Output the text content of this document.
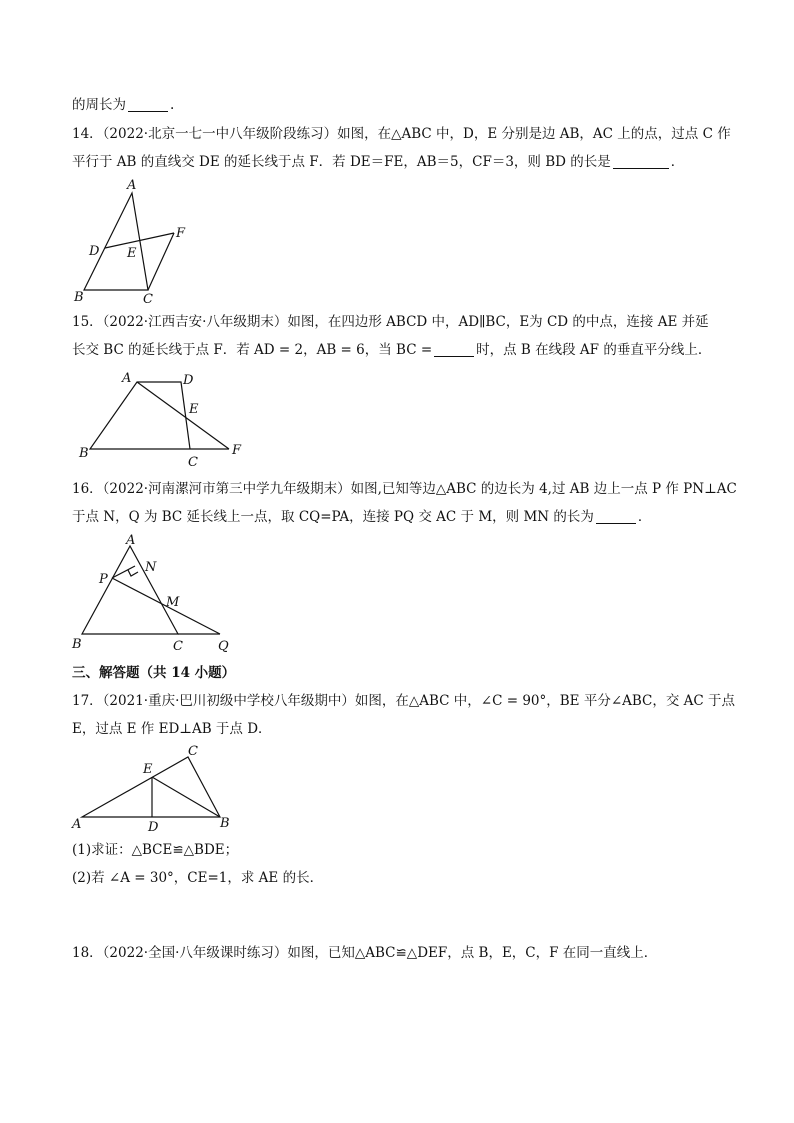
的周长为	.
14．（2022·北京一七一中八年级阶段练习）如图，在△ABC 中，D，E 分别是边 AB，AC 上的点，过点 C 作
平行于 AB 的直线交 DE 的延长线于点 F．若 DE＝FE，AB＝5，CF＝3，则 BD 的长是	．
A
B	C
D E
F
15．（2022·江西吉安·八年级期末）如图，在四边形 ABCD 中，AD∥BC，E为 CD 的中点，连接 AE 并延
长交 BC 的延长线于点 F．若 AD = 2，AB = 6，当 BC =	时，点 B 在线段 AF 的垂直平分线上．
A
B
C
D
E
F
16．（2022·河南漯河市第三中学九年级期末）如图,已知等边△ABC 的边长为 4,过 AB 边上一点 P 作 PN⊥AC
于点 N，Q 为 BC 延长线上一点，取 CQ=PA，连接 PQ 交 AC 于 M，则 MN 的长为	．
A
B	C
P
N
M
Q
三、解答题（共 14 小题）
17．（2021·重庆·巴川初级中学校八年级期中）如图，在△ABC 中，∠C = 90°，BE 平分∠ABC，交 AC 于点
E，过点 E 作 ED⊥AB 于点 D．
A	B
C
D
E
(1)求证：△BCE≌△BDE；
(2)若 ∠A = 30°，CE=1，求 AE 的长．
18．（2022·全国·八年级课时练习）如图，已知△ABC≌△DEF，点 B，E，C，F 在同一直线上．
